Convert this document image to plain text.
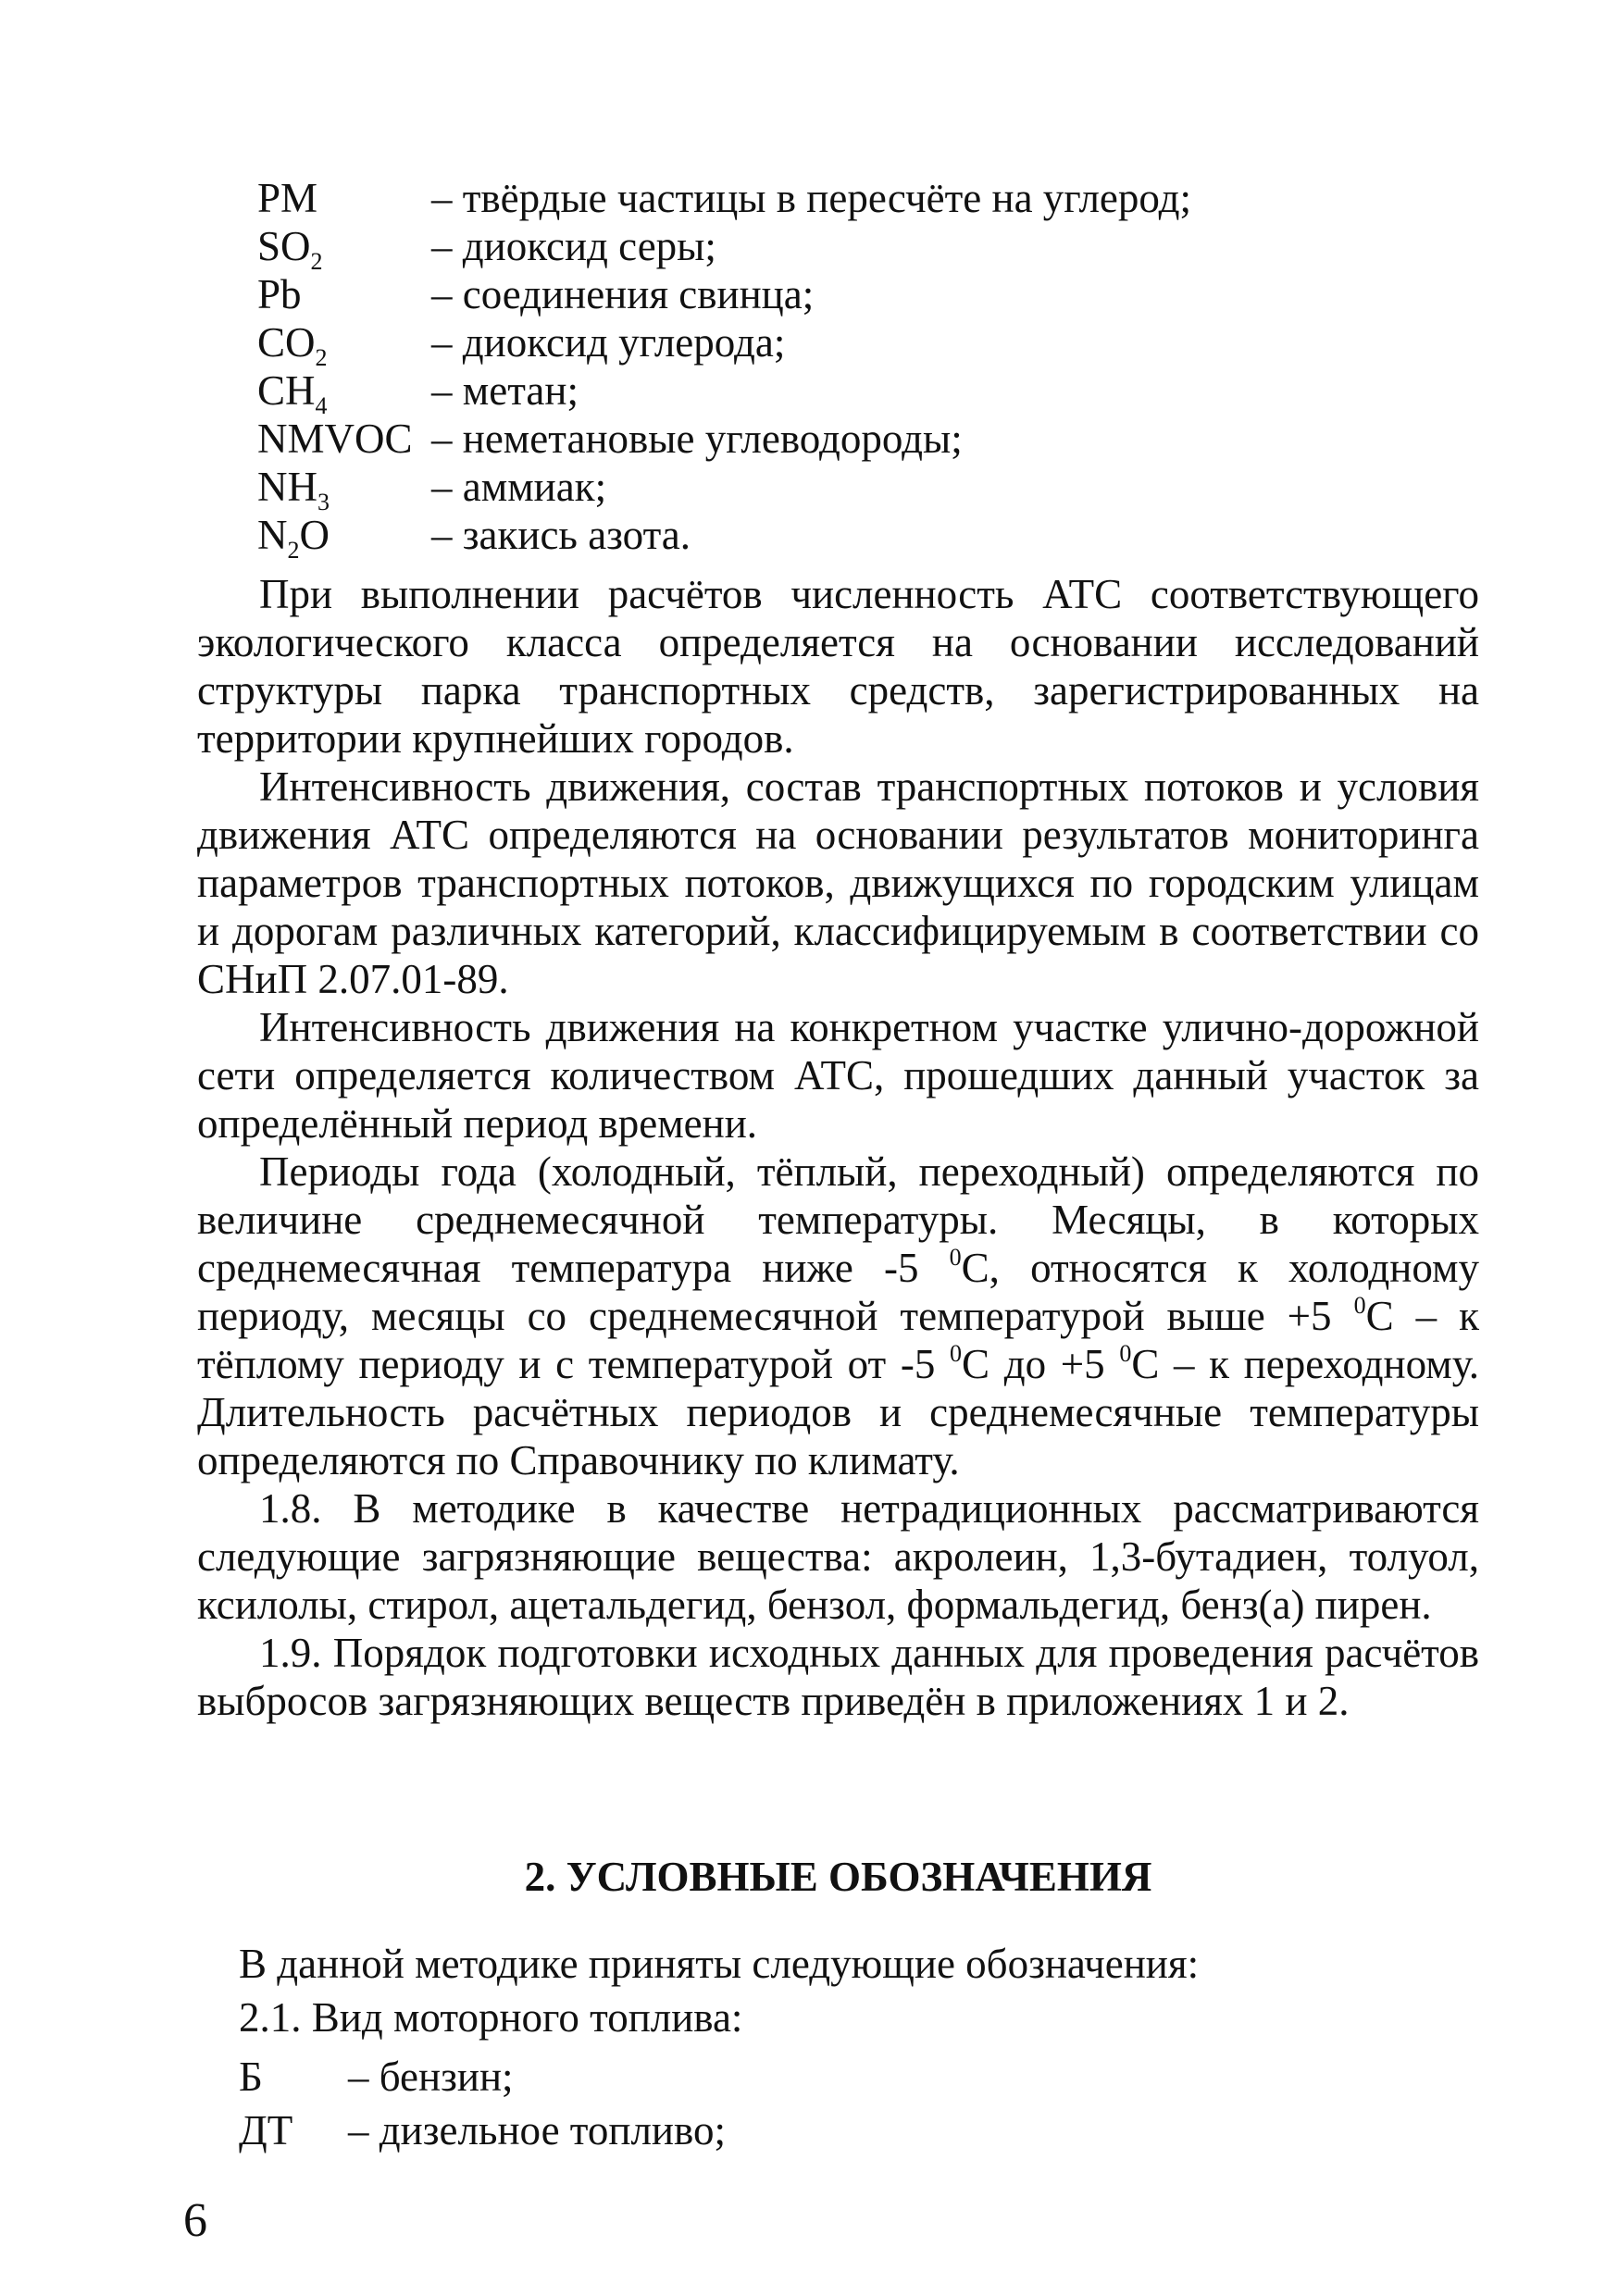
PM	– твёрдые частицы в пересчёте на углерод;
$SO_2$	– диоксид серы;
Pb	– соединения свинца;
$CO_2$	– диоксид углерода;
$CH_4$	– метан;
NMVOC – неметановые углеводороды;
$NH_3$	– аммиак;
$N_2O$	– закись азота.

При выполнении расчётов численность АТС соответствующего экологического класса определяется на основании исследований структуры парка транспортных средств, зарегистрированных на территории крупнейших городов.

Интенсивность движения, состав транспортных потоков и условия движения АТС определяются на основании результатов мониторинга параметров транспортных потоков, движущихся по городским улицам и дорогам различных категорий, классифицируемым в соответствии со СНиП 2.07.01-89.

Интенсивность движения на конкретном участке улично-дорожной сети определяется количеством АТС, прошедших данный участок за определённый период времени.

Периоды года (холодный, тёплый, переходный) определяются по величине среднемесячной температуры. Месяцы, в которых среднемесячная температура ниже -5 $^0$С, относятся к холодному периоду, месяцы со среднемесячной температурой выше +5 $^0$С – к тёплому периоду и с температурой от -5 $^0$С до +5 $^0$С – к переходному. Длительность расчётных периодов и среднемесячные температуры определяются по Справочнику по климату.

1.8. В методике в качестве нетрадиционных рассматриваются следующие загрязняющие вещества: акролеин, 1,3-бутадиен, толуол, ксилолы, стирол, ацетальдегид, бензол, формальдегид, бенз(а) пирен.

1.9. Порядок подготовки исходных данных для проведения расчётов выбросов загрязняющих веществ приведён в приложениях 1 и 2.

2. УСЛОВНЫЕ ОБОЗНАЧЕНИЯ

В данной методике приняты следующие обозначения:

2.1. Вид моторного топлива:

Б	– бензин;
ДТ	– дизельное топливо;
6
